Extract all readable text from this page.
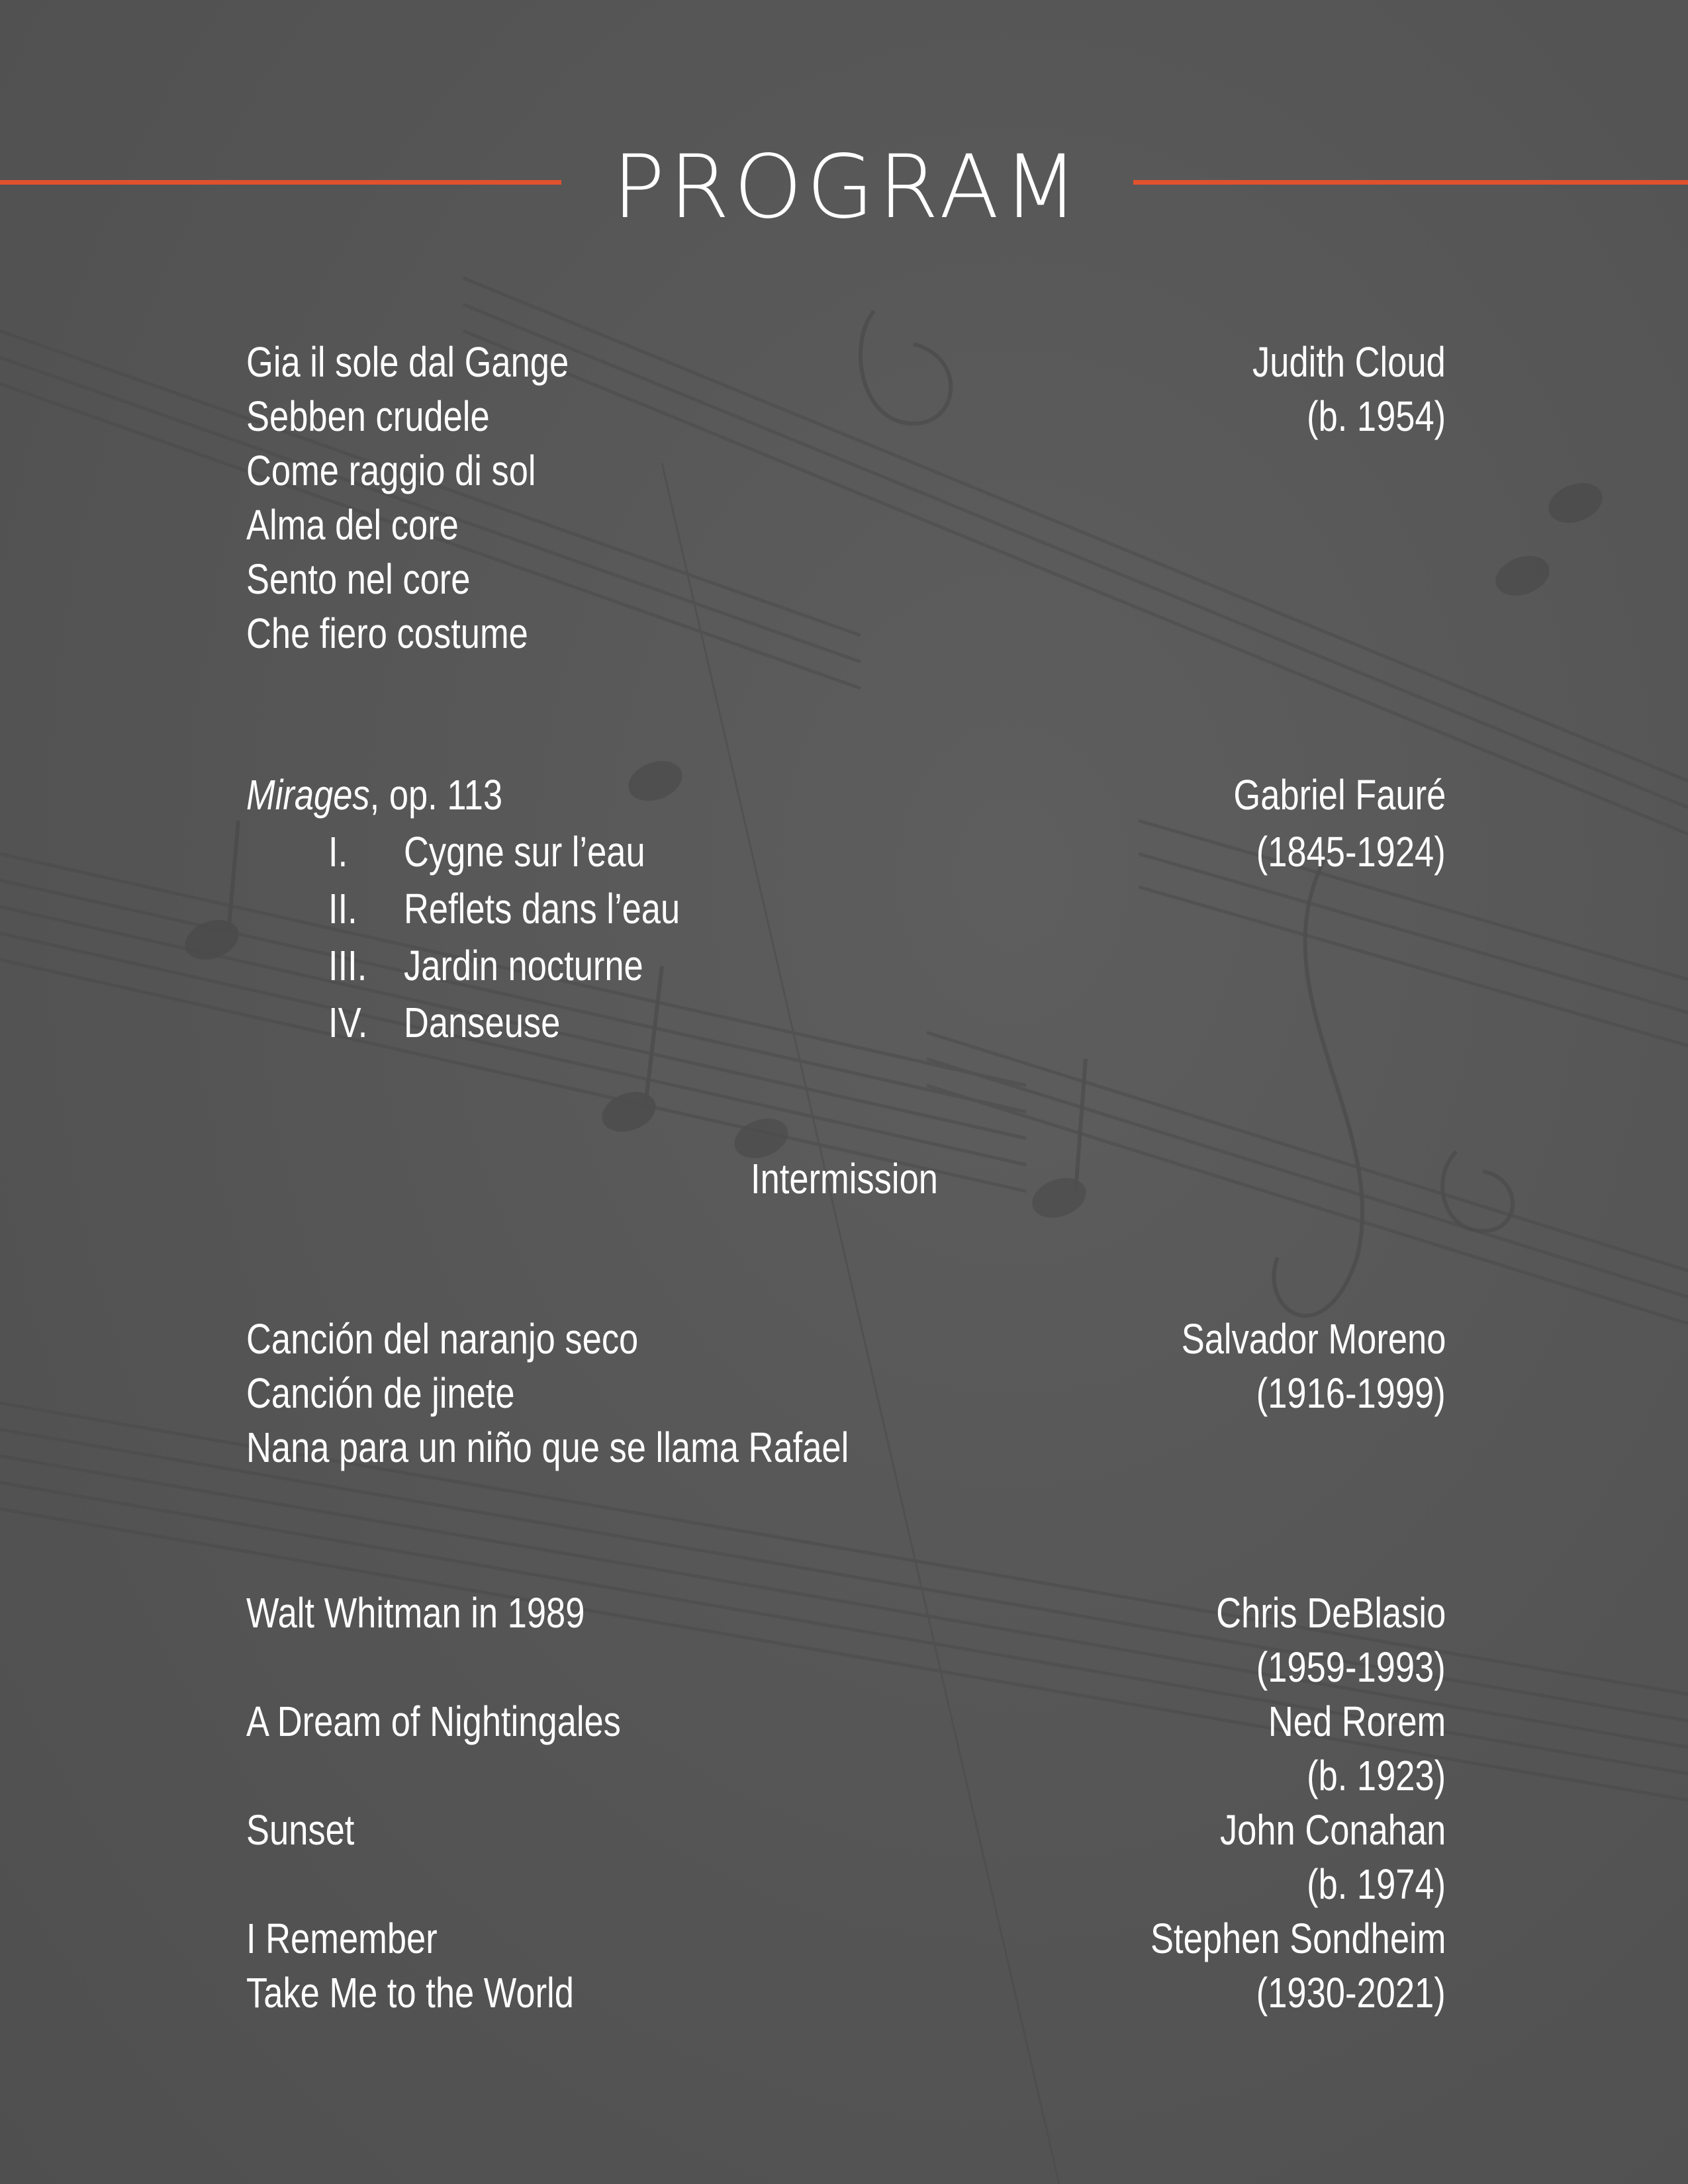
PROGRAM
Gia il sole dal Gange	Judith Cloud
Sebben crudele	(b. 1954)
Come raggio di sol
Alma del core
Sento nel core
Che fiero costume
Mirages, op. 113	Gabriel Fauré
I. Cygne sur l’eau	(1845-1924)
II. Reflets dans l’eau
III. Jardin nocturne
IV. Danseuse
Intermission
Canción del naranjo seco	Salvador Moreno
Canción de jinete	(1916-1999)
Nana para un niño que se llama Rafael
Walt Whitman in 1989	Chris DeBlasio
(1959-1993)
A Dream of Nightingales	Ned Rorem
(b. 1923)
Sunset	John Conahan
(b. 1974)
I Remember	Stephen Sondheim
Take Me to the World	(1930-2021)
